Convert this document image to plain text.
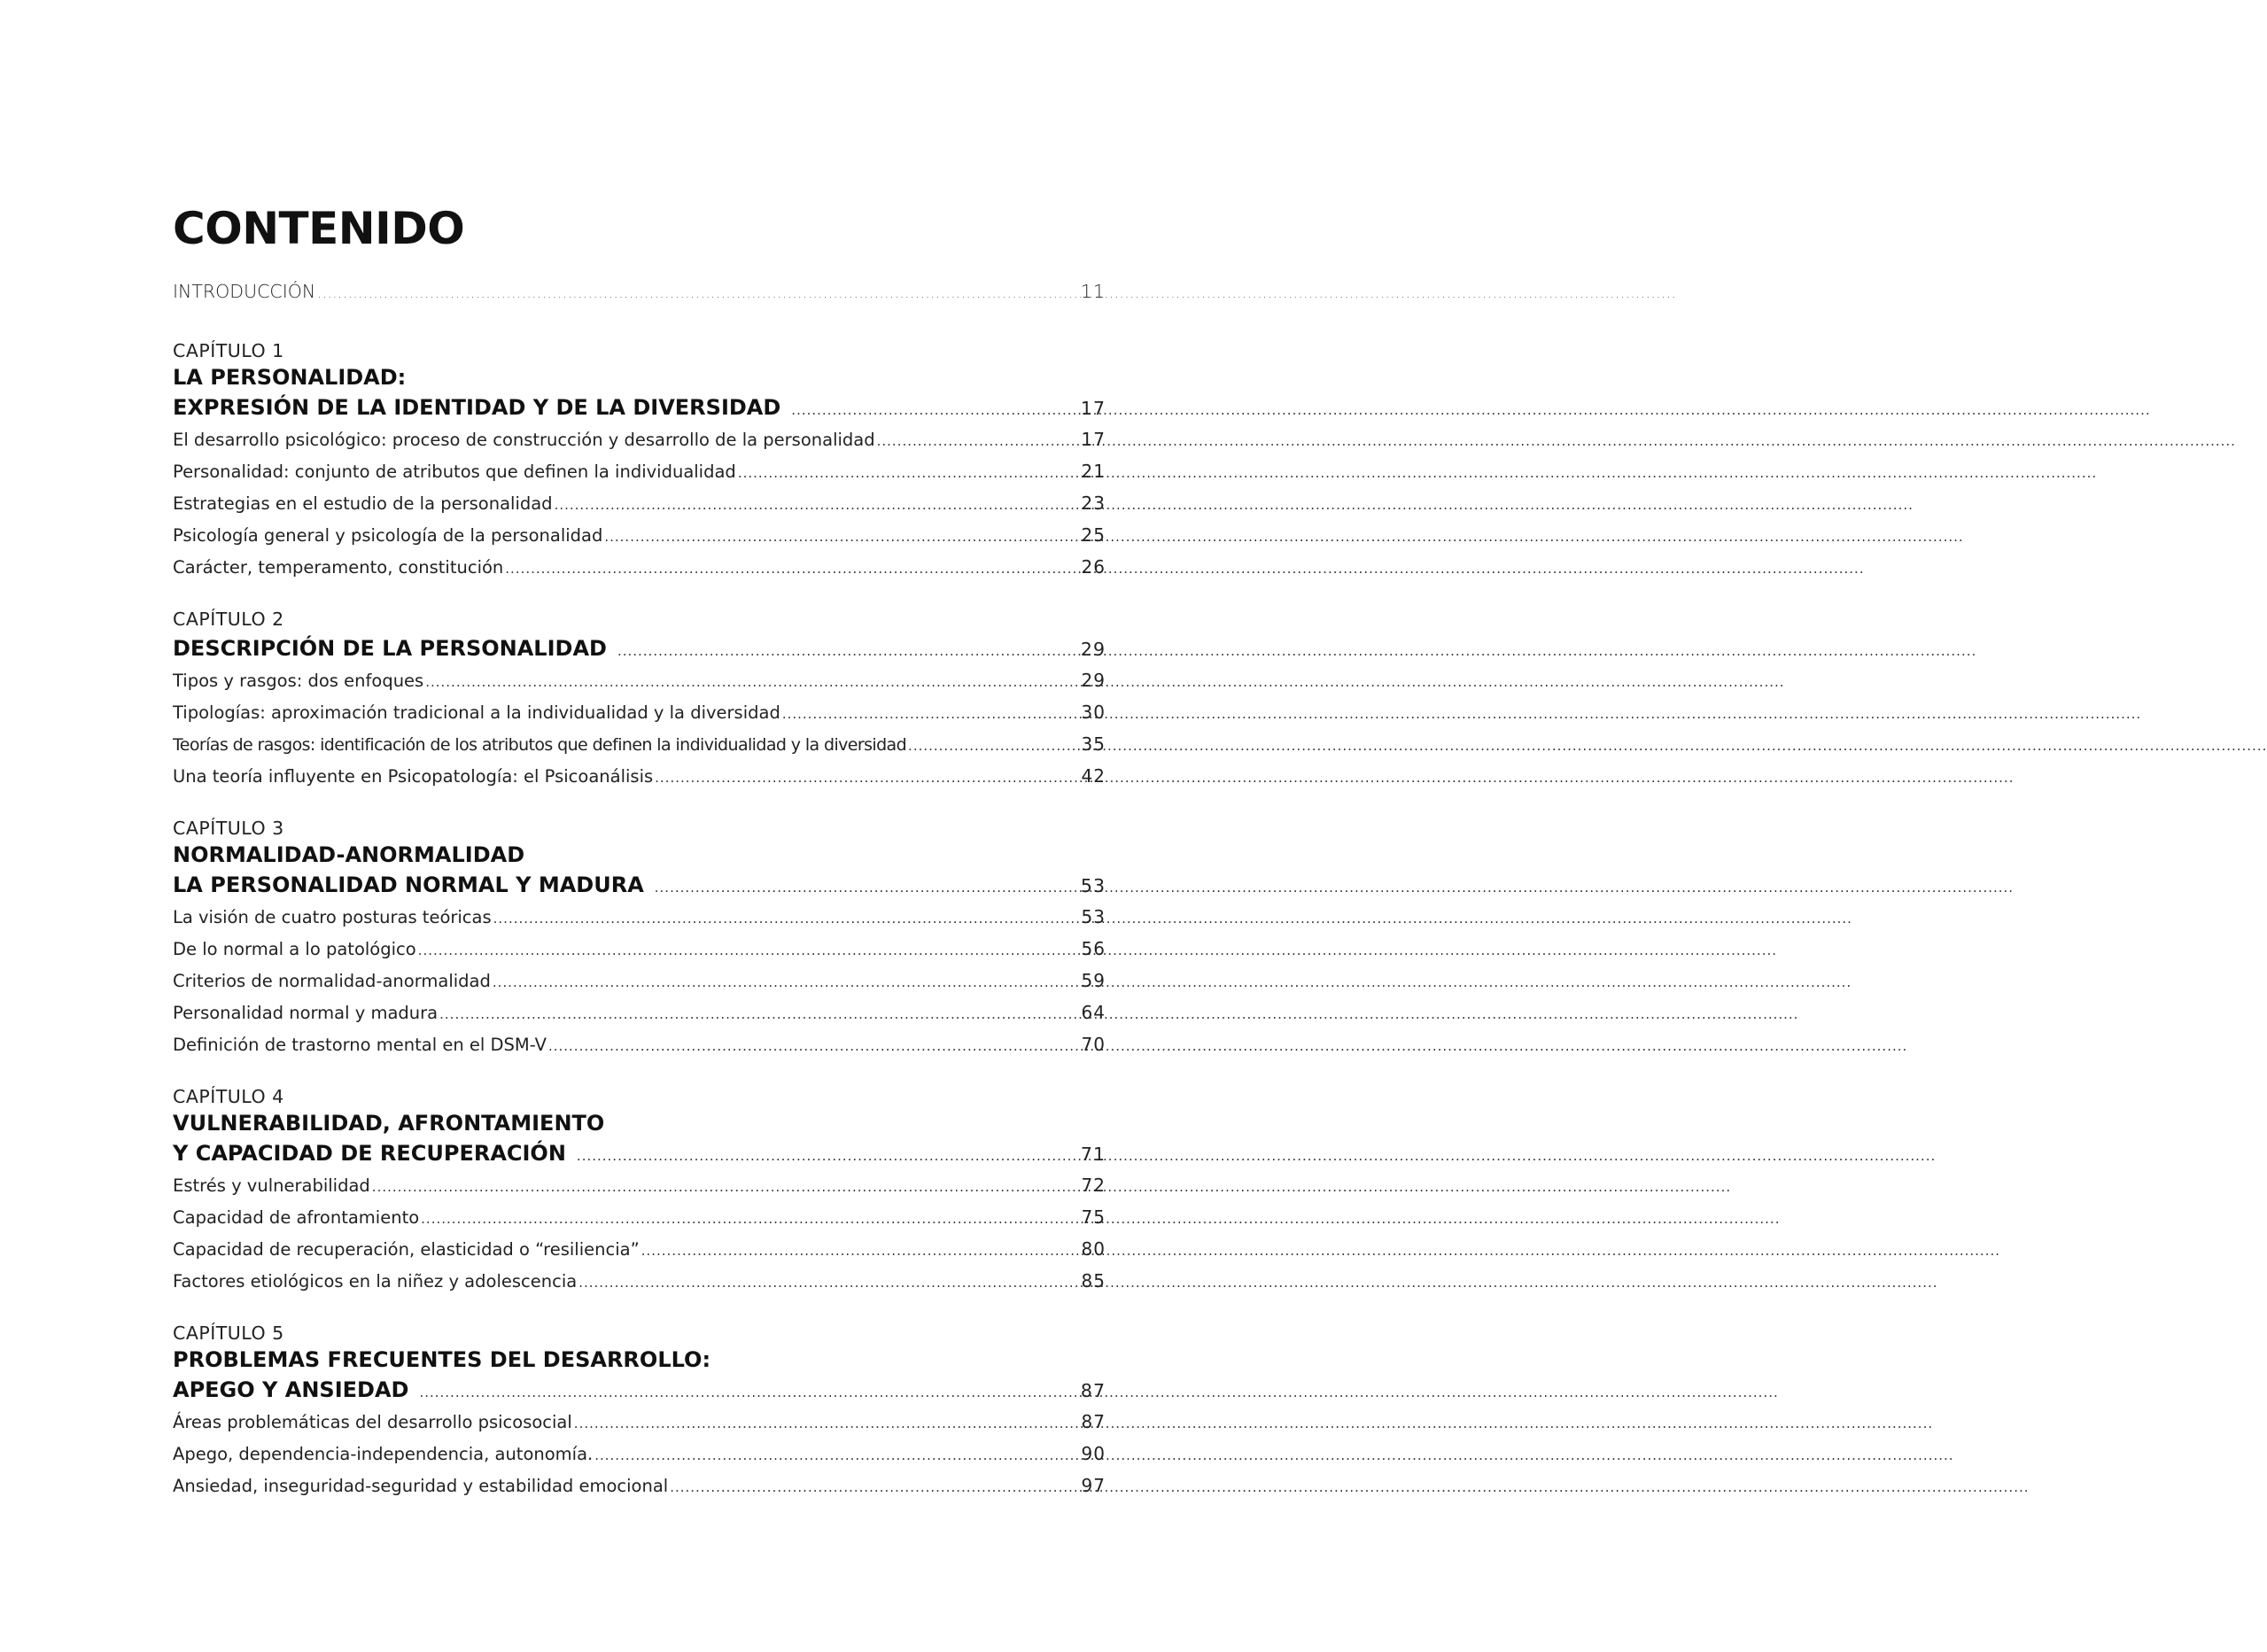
CONTENIDO
INTRODUCCIÓN .....	11
CAPÍTULO 1
LA PERSONALIDAD:
EXPRESIÓN DE LA IDENTIDAD Y DE LA DIVERSIDAD .....	17
El desarrollo psicológico: proceso de construcción y desarrollo de la personalidad .....	17
Personalidad: conjunto de atributos que definen la individualidad .....	21
Estrategias en el estudio de la personalidad .....	23
Psicología general y psicología de la personalidad .....	25
Carácter, temperamento, constitución .....	26
CAPÍTULO 2
DESCRIPCIÓN DE LA PERSONALIDAD .....	29
Tipos y rasgos: dos enfoques .....	29
Tipologías: aproximación tradicional a la individualidad y la diversidad .....	30
Teorías de rasgos: identificación de los atributos que definen la individualidad y la diversidad .....	35
Una teoría influyente en Psicopatología: el Psicoanálisis .....	42
CAPÍTULO 3
NORMALIDAD-ANORMALIDAD
LA PERSONALIDAD NORMAL Y MADURA .....	53
La visión de cuatro posturas teóricas .....	53
De lo normal a lo patológico .....	56
Criterios de normalidad-anormalidad .....	59
Personalidad normal y madura .....	64
Definición de trastorno mental en el DSM-V .....	70
CAPÍTULO 4
VULNERABILIDAD, AFRONTAMIENTO
Y CAPACIDAD DE RECUPERACIÓN .....	71
Estrés y vulnerabilidad .....	72
Capacidad de afrontamiento .....	75
Capacidad de recuperación, elasticidad o “resiliencia” .....	80
Factores etiológicos en la niñez y adolescencia .....	85
CAPÍTULO 5
PROBLEMAS FRECUENTES DEL DESARROLLO:
APEGO Y ANSIEDAD .....	87
Áreas problemáticas del desarrollo psicosocial .....	87
Apego, dependencia-independencia, autonomía. .....	90
Ansiedad, inseguridad-seguridad y estabilidad emocional .....	97
